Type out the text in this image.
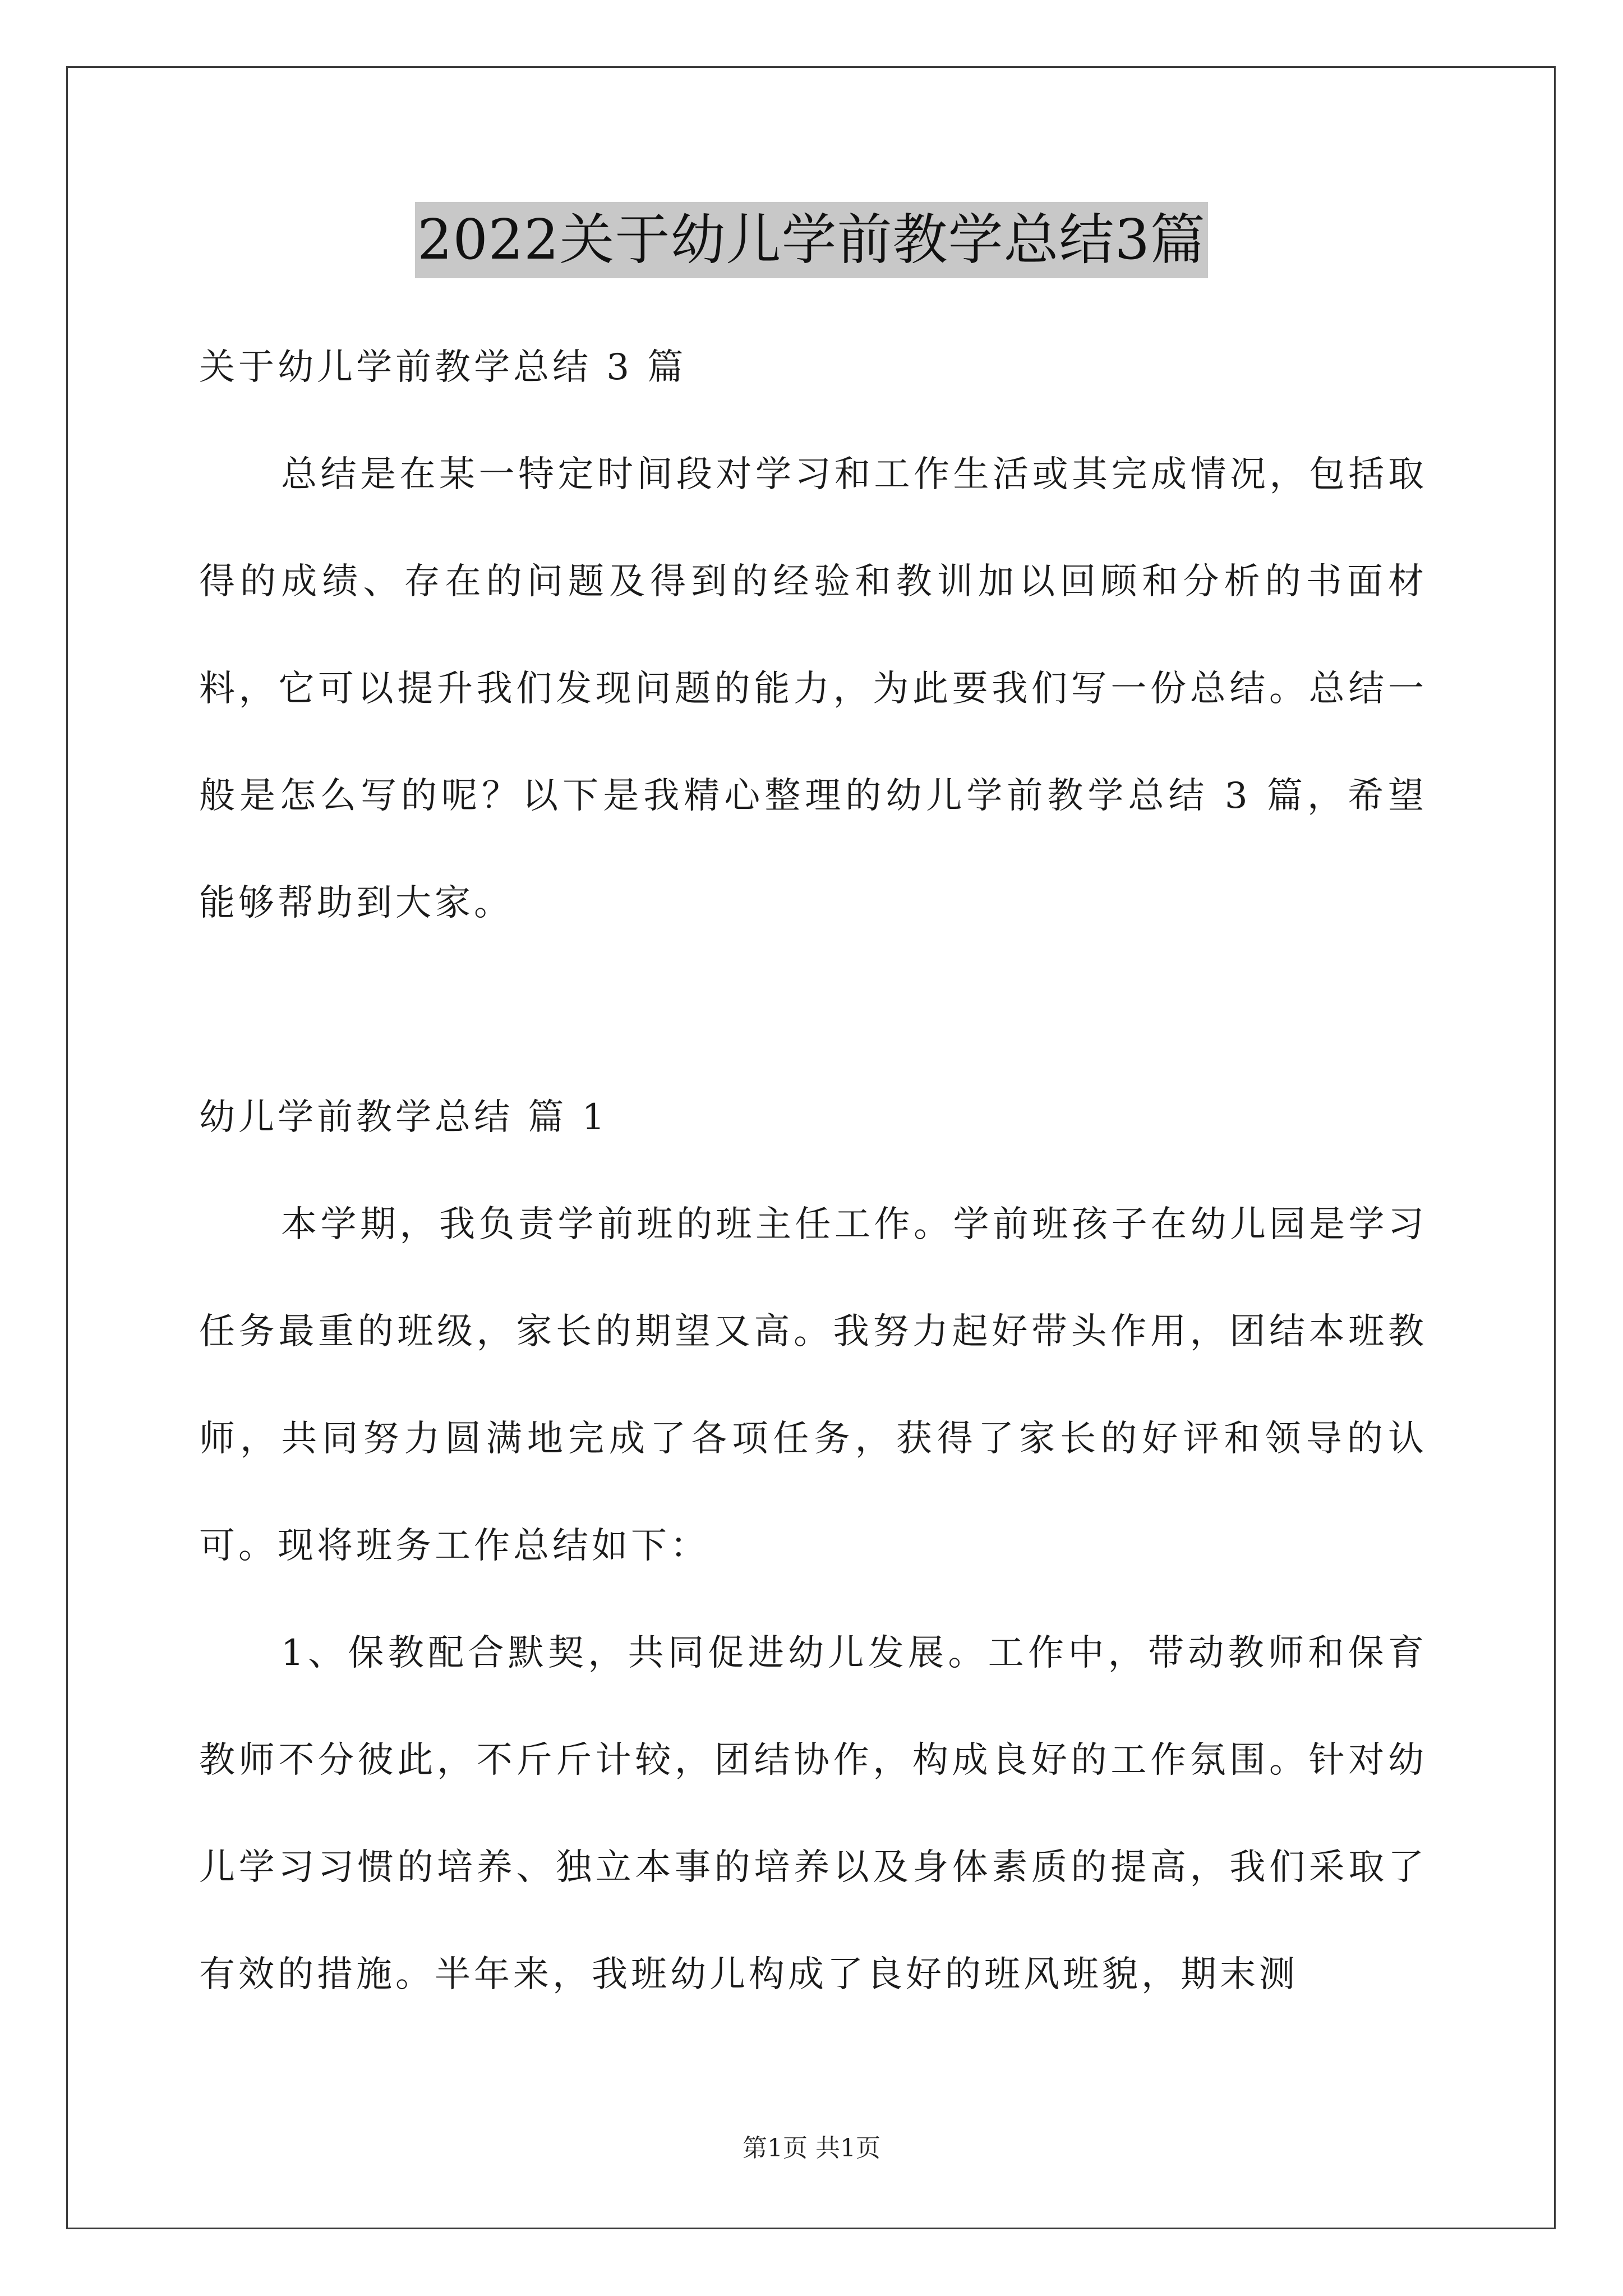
2022关于幼儿学前教学总结3篇

关于幼儿学前教学总结 3 篇

总结是在某一特定时间段对学习和工作生活或其完成情况，包括取得的成绩、存在的问题及得到的经验和教训加以回顾和分析的书面材料，它可以提升我们发现问题的能力，为此要我们写一份总结。总结一般是怎么写的呢？以下是我精心整理的幼儿学前教学总结 3 篇，希望能够帮助到大家。

幼儿学前教学总结 篇 1

本学期，我负责学前班的班主任工作。学前班孩子在幼儿园是学习任务最重的班级，家长的期望又高。我努力起好带头作用，团结本班教师，共同努力圆满地完成了各项任务，获得了家长的好评和领导的认可。现将班务工作总结如下：

1、保教配合默契，共同促进幼儿发展。工作中，带动教师和保育教师不分彼此，不斤斤计较，团结协作，构成良好的工作氛围。针对幼儿学习习惯的培养、独立本事的培养以及身体素质的提高，我们采取了有效的措施。半年来，我班幼儿构成了良好的班风班貌，期末测

第1页 共1页
